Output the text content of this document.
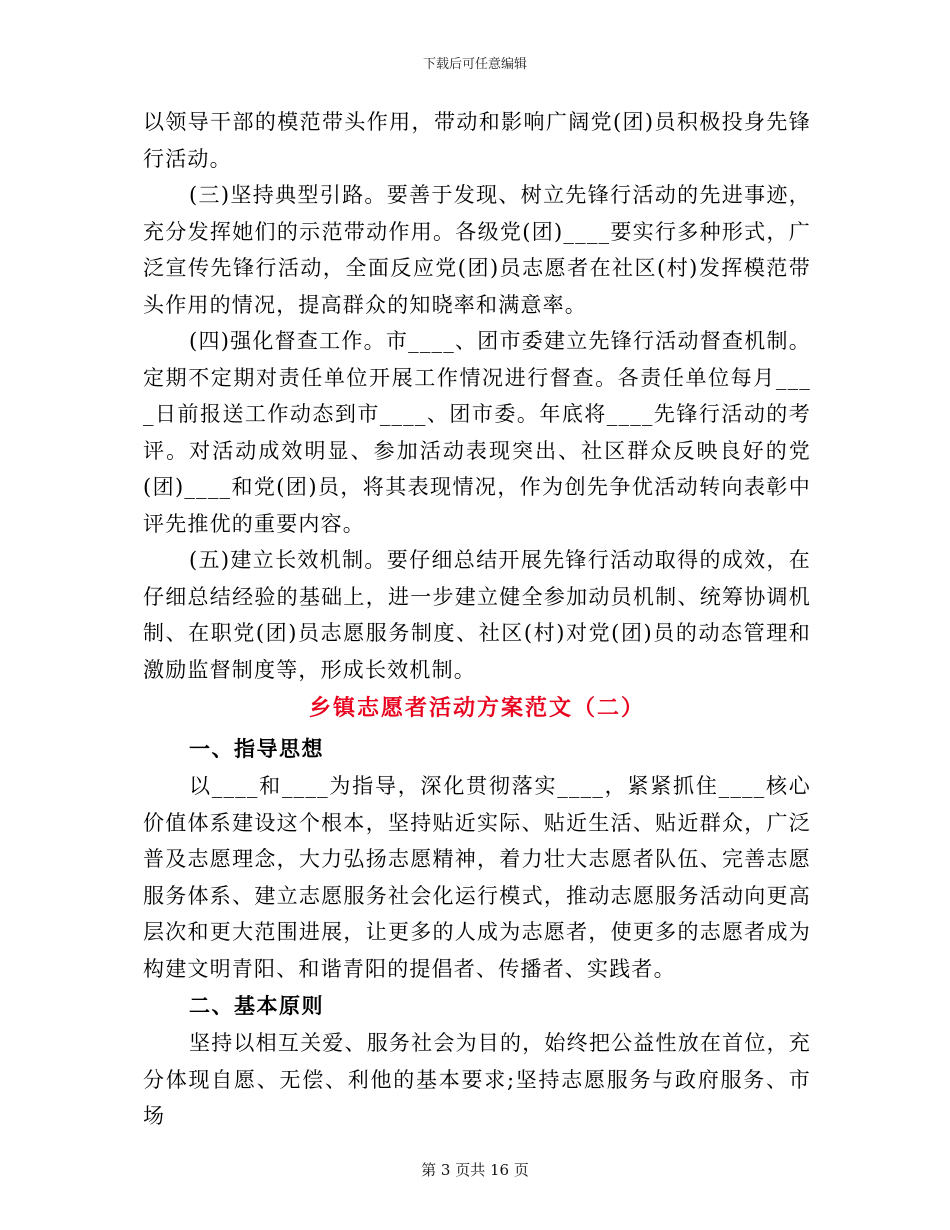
下载后可任意编辑

以领导干部的模范带头作用，带动和影响广阔党(团)员积极投身先锋行活动。

(三)坚持典型引路。要善于发现、树立先锋行活动的先进事迹，充分发挥她们的示范带动作用。各级党(团)____要实行多种形式，广泛宣传先锋行活动，全面反应党(团)员志愿者在社区(村)发挥模范带头作用的情况，提高群众的知晓率和满意率。

(四)强化督查工作。市____、团市委建立先锋行活动督查机制。定期不定期对责任单位开展工作情况进行督查。各责任单位每月____日前报送工作动态到市____、团市委。年底将____先锋行活动的考评。对活动成效明显、参加活动表现突出、社区群众反映良好的党(团)____和党(团)员，将其表现情况，作为创先争优活动转向表彰中评先推优的重要内容。

(五)建立长效机制。要仔细总结开展先锋行活动取得的成效，在仔细总结经验的基础上，进一步建立健全参加动员机制、统筹协调机制、在职党(团)员志愿服务制度、社区(村)对党(团)员的动态管理和激励监督制度等，形成长效机制。

乡镇志愿者活动方案范文（二）

一、指导思想

以____和____为指导，深化贯彻落实____，紧紧抓住____核心价值体系建设这个根本，坚持贴近实际、贴近生活、贴近群众，广泛普及志愿理念，大力弘扬志愿精神，着力壮大志愿者队伍、完善志愿服务体系、建立志愿服务社会化运行模式，推动志愿服务活动向更高层次和更大范围进展，让更多的人成为志愿者，使更多的志愿者成为构建文明青阳、和谐青阳的提倡者、传播者、实践者。

二、基本原则

坚持以相互关爱、服务社会为目的，始终把公益性放在首位，充分体现自愿、无偿、利他的基本要求;坚持志愿服务与政府服务、市场

第 3 页共 16 页
